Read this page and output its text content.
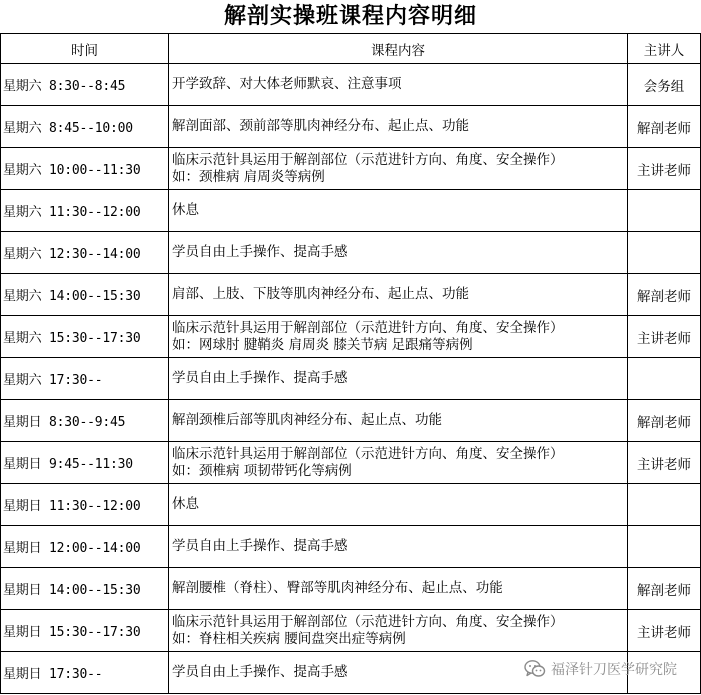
解剖实操班课程内容明细
时间	课程内容	主讲人
星期六 8:30--8:45	开学致辞、对大体老师默哀、注意事项	会务组
星期六 8:45--10:00	解剖面部、颈前部等肌肉神经分布、起止点、功能	解剖老师
星期六 10:00--11:30	临床示范针具运用于解剖部位（示范进针方向、角度、安全操作）
如：颈椎病 肩周炎等病例	主讲老师
星期六 11:30--12:00	休息	

星期六 12:30--14:00	学员自由上手操作、提高手感	

星期六 14:00--15:30	肩部、上肢、下肢等肌肉神经分布、起止点、功能	解剖老师
星期六 15:30--17:30	临床示范针具运用于解剖部位（示范进针方向、角度、安全操作）
如：网球肘 腱鞘炎 肩周炎 膝关节病 足跟痛等病例	主讲老师
星期六 17:30--	学员自由上手操作、提高手感	

星期日 8:30--9:45	解剖颈椎后部等肌肉神经分布、起止点、功能	解剖老师
星期日 9:45--11:30	临床示范针具运用于解剖部位（示范进针方向、角度、安全操作）
如：颈椎病 项韧带钙化等病例	主讲老师
星期日 11:30--12:00	休息	

星期日 12:00--14:00	学员自由上手操作、提高手感	

星期日 14:00--15:30	解剖腰椎（脊柱）、臀部等肌肉神经分布、起止点、功能	解剖老师
星期日 15:30--17:30	临床示范针具运用于解剖部位（示范进针方向、角度、安全操作）
如：脊柱相关疾病 腰间盘突出症等病例	主讲老师
星期日 17:30--	学员自由上手操作、提高手感	
		福泽针刀医学研究院
